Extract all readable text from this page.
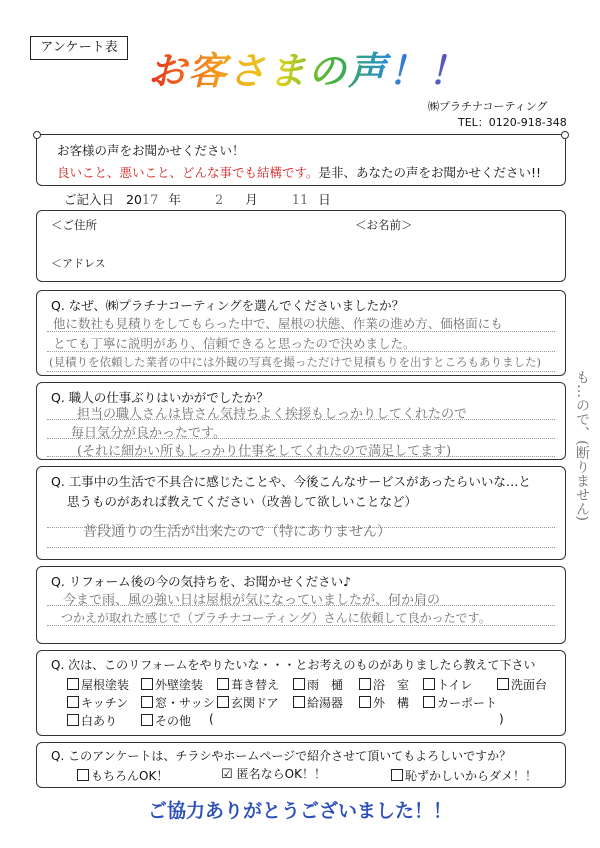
アンケート表
お客さまの声！！
㈱プラチナコーティング
TEL：0120-918-348
お客様の声をお聞かせください！
良いこと、悪いこと、どんな事でも結構です。是非、あなたの声をお聞かせください!!
ご記入日 2017 年	2 月	11 日
＜ご住所	＜お名前＞
＜アドレス
Q. なぜ、㈱プラチナコーティングを選んでくださいましたか？
他に数社も見積りをしてもらった中で、屋根の状態、作業の進め方、価格面にも
とても丁寧に説明があり、信頼できると思ったので決めました。
(見積りを依頼した業者の中には外観の写真を撮っただけで見積もりを出すところもありました)
も…ので、(断りません)
Q. 職人の仕事ぶりはいかがでしたか？
担当の職人さんは皆さん気持ちよく挨拶もしっかりしてくれたので
毎日気分が良かったです。
(それに細かい所もしっかり仕事をしてくれたので満足してます)
Q. 工事中の生活で不具合に感じたことや、今後こんなサービスがあったらいいな…と
思うものがあれば教えてください（改善して欲しいことなど）
普段通りの生活が出来たので（特にありません）
Q. リフォーム後の今の気持ちを、お聞かせください♪
今まで雨、風の強い日は屋根が気になっていましたが、何か肩の
つかえが取れた感じで（プラチナコーティング）さんに依頼して良かったです。
Q. 次は、このリフォームをやりたいな・・・とお考えのものがありましたら教えて下さい
屋根塗装	外壁塗装	葺き替え	雨　樋	浴　室	トイレ	洗面台
キッチン	窓・サッシ	玄関ドア	給湯器	外　構	カーポート
白あり	その他 (	)
Q. このアンケートは、チラシやホームページで紹介させて頂いてもよろしいですか？
もちろんOK！	☑ 匿名ならOK！！	恥ずかしいからダメ！！
ご協力ありがとうございました！！
